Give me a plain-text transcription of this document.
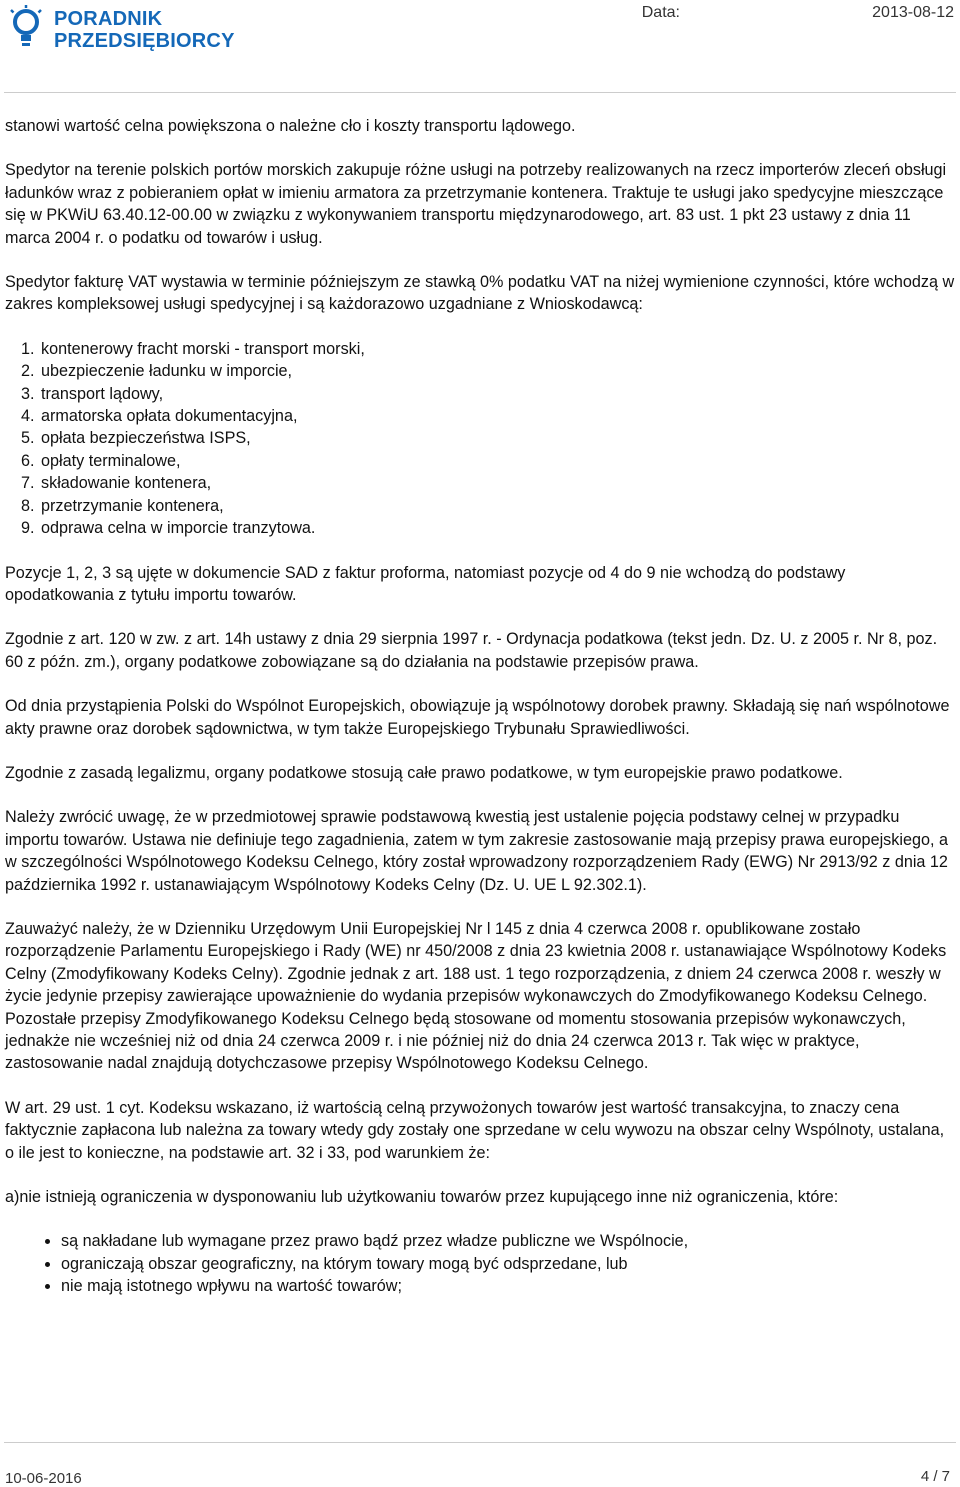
PORADNIK
PRZEDSIĘBIORCY
Data:	2013-08-12

stanowi wartość celna powiększona o należne cło i koszty transportu lądowego.

Spedytor na terenie polskich portów morskich zakupuje różne usługi na potrzeby realizowanych na rzecz importerów zleceń obsługi ładunków wraz z pobieraniem opłat w imieniu armatora za przetrzymanie kontenera. Traktuje te usługi jako spedycyjne mieszczące się w PKWiU 63.40.12-00.00 w związku z wykonywaniem transportu międzynarodowego, art. 83 ust. 1 pkt 23 ustawy z dnia 11 marca 2004 r. o podatku od towarów i usług.

Spedytor fakturę VAT wystawia w terminie późniejszym ze stawką 0% podatku VAT na niżej wymienione czynności, które wchodzą w zakres kompleksowej usługi spedycyjnej i są każdorazowo uzgadniane z Wnioskodawcą:

1. kontenerowy fracht morski - transport morski,
2. ubezpieczenie ładunku w imporcie,
3. transport lądowy,
4. armatorska opłata dokumentacyjna,
5. opłata bezpieczeństwa ISPS,
6. opłaty terminalowe,
7. składowanie kontenera,
8. przetrzymanie kontenera,
9. odprawa celna w imporcie tranzytowa.

Pozycje 1, 2, 3 są ujęte w dokumencie SAD z faktur proforma, natomiast pozycje od 4 do 9 nie wchodzą do podstawy opodatkowania z tytułu importu towarów.

Zgodnie z art. 120 w zw. z art. 14h ustawy z dnia 29 sierpnia 1997 r. - Ordynacja podatkowa (tekst jedn. Dz. U. z 2005 r. Nr 8, poz. 60 z późn. zm.), organy podatkowe zobowiązane są do działania na podstawie przepisów prawa.

Od dnia przystąpienia Polski do Wspólnot Europejskich, obowiązuje ją wspólnotowy dorobek prawny. Składają się nań wspólnotowe akty prawne oraz dorobek sądownictwa, w tym także Europejskiego Trybunału Sprawiedliwości.

Zgodnie z zasadą legalizmu, organy podatkowe stosują całe prawo podatkowe, w tym europejskie prawo podatkowe.

Należy zwrócić uwagę, że w przedmiotowej sprawie podstawową kwestią jest ustalenie pojęcia podstawy celnej w przypadku importu towarów. Ustawa nie definiuje tego zagadnienia, zatem w tym zakresie zastosowanie mają przepisy prawa europejskiego, a w szczególności Wspólnotowego Kodeksu Celnego, który został wprowadzony rozporządzeniem Rady (EWG) Nr 2913/92 z dnia 12 października 1992 r. ustanawiającym Wspólnotowy Kodeks Celny (Dz. U. UE L 92.302.1).

Zauważyć należy, że w Dzienniku Urzędowym Unii Europejskiej Nr l 145 z dnia 4 czerwca 2008 r. opublikowane zostało rozporządzenie Parlamentu Europejskiego i Rady (WE) nr 450/2008 z dnia 23 kwietnia 2008 r. ustanawiające Wspólnotowy Kodeks Celny (Zmodyfikowany Kodeks Celny). Zgodnie jednak z art. 188 ust. 1 tego rozporządzenia, z dniem 24 czerwca 2008 r. weszły w życie jedynie przepisy zawierające upoważnienie do wydania przepisów wykonawczych do Zmodyfikowanego Kodeksu Celnego. Pozostałe przepisy Zmodyfikowanego Kodeksu Celnego będą stosowane od momentu stosowania przepisów wykonawczych, jednakże nie wcześniej niż od dnia 24 czerwca 2009 r. i nie później niż do dnia 24 czerwca 2013 r. Tak więc w praktyce, zastosowanie nadal znajdują dotychczasowe przepisy Wspólnotowego Kodeksu Celnego.

W art. 29 ust. 1 cyt. Kodeksu wskazano, iż wartością celną przywożonych towarów jest wartość transakcyjna, to znaczy cena faktycznie zapłacona lub należna za towary wtedy gdy zostały one sprzedane w celu wywozu na obszar celny Wspólnoty, ustalana, o ile jest to konieczne, na podstawie art. 32 i 33, pod warunkiem że:

a)nie istnieją ograniczenia w dysponowaniu lub użytkowaniu towarów przez kupującego inne niż ograniczenia, które:

• są nakładane lub wymagane przez prawo bądź przez władze publiczne we Wspólnocie,
• ograniczają obszar geograficzny, na którym towary mogą być odsprzedane, lub
• nie mają istotnego wpływu na wartość towarów;
10-06-2016	4 / 7
